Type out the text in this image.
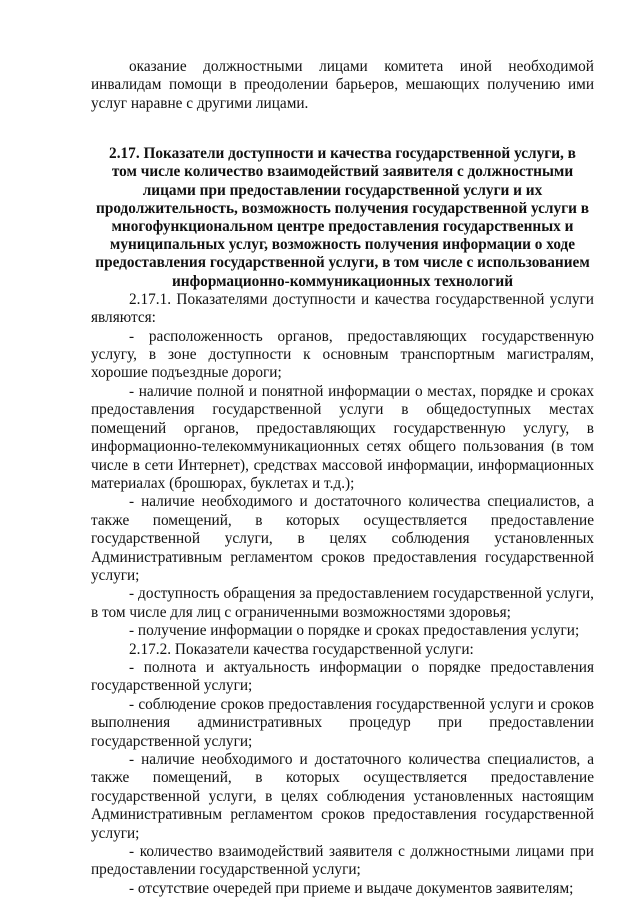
оказание должностными лицами комитета иной необходимой инвалидам помощи в преодолении барьеров, мешающих получению ими услуг наравне с другими лицами.

2.17. Показатели доступности и качества государственной услуги, в том числе количество взаимодействий заявителя с должностными лицами при предоставлении государственной услуги и их продолжительность, возможность получения государственной услуги в многофункциональном центре предоставления государственных и муниципальных услуг, возможность получения информации о ходе предоставления государственной услуги, в том числе с использованием информационно-коммуникационных технологий

2.17.1. Показателями доступности и качества государственной услуги являются:

- расположенность органов, предоставляющих государственную услугу, в зоне доступности к основным транспортным магистралям, хорошие подъездные дороги;

- наличие полной и понятной информации о местах, порядке и сроках предоставления государственной услуги в общедоступных местах помещений органов, предоставляющих государственную услугу, в информационно-телекоммуникационных сетях общего пользования (в том числе в сети Интернет), средствах массовой информации, информационных материалах (брошюрах, буклетах и т.д.);

- наличие необходимого и достаточного количества специалистов, а также помещений, в которых осуществляется предоставление государственной услуги, в целях соблюдения установленных Административным регламентом сроков предоставления государственной услуги;

- доступность обращения за предоставлением государственной услуги, в том числе для лиц с ограниченными возможностями здоровья;

- получение информации о порядке и сроках предоставления услуги;

2.17.2. Показатели качества государственной услуги:

- полнота и актуальность информации о порядке предоставления государственной услуги;

- соблюдение сроков предоставления государственной услуги и сроков выполнения административных процедур при предоставлении государственной услуги;

- наличие необходимого и достаточного количества специалистов, а также помещений, в которых осуществляется предоставление государственной услуги, в целях соблюдения установленных настоящим Административным регламентом сроков предоставления государственной услуги;

- количество взаимодействий заявителя с должностными лицами при предоставлении государственной услуги;

- отсутствие очередей при приеме и выдаче документов заявителям;
